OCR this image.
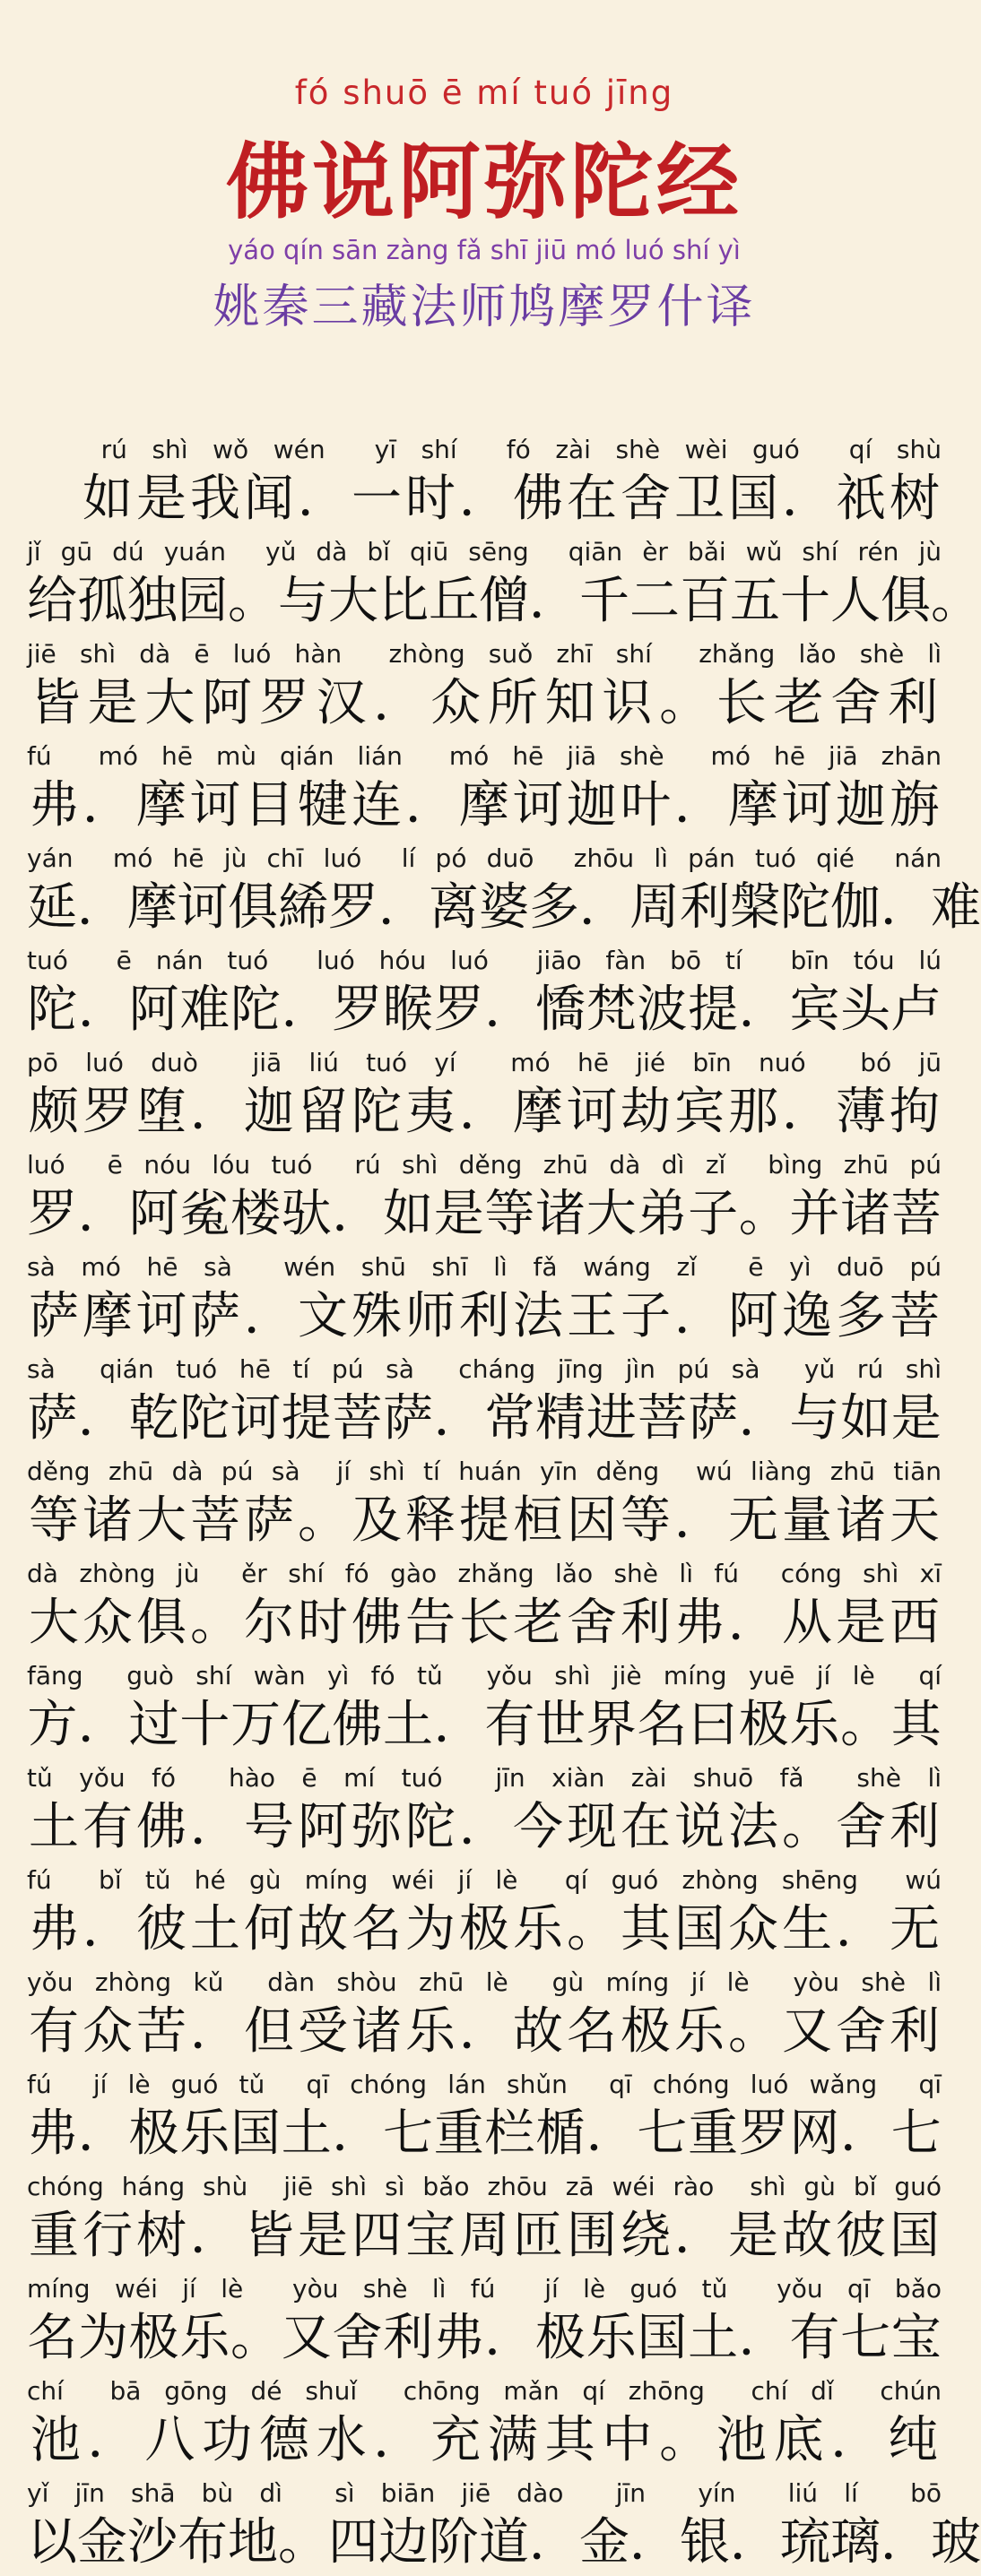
fó shuō ē mí tuó jīng
佛说阿弥陀经
yáo qín sān zàng fǎ shī jiū mó luó shí yì
姚秦三藏法师鸠摩罗什译
rú shì wǒ wén  yī shí  fó zài shè wèi guó  qí shù
如 是 我 闻 ． 一 时 ． 佛 在 舍 卫 国 ． 祇 树
jǐ gū dú yuán  yǔ dà bǐ qiū sēng  qiān èr bǎi wǔ shí rén jù
给 孤 独 园 。 与 大 比 丘 僧 ． 千 二 百 五 十 人 俱 。
jiē shì dà ē luó hàn  zhòng suǒ zhī shí  zhǎng lǎo shè lì
皆 是 大 阿 罗 汉 ． 众 所 知 识 。 长 老 舍 利
fú  mó hē mù qián lián  mó hē jiā shè  mó hē jiā zhān
弗 ． 摩 诃 目 犍 连 ． 摩 诃 迦 叶 ． 摩 诃 迦 旃
yán  mó hē jù chī luó  lí pó duō  zhōu lì pán tuó qié  nán
延 ． 摩 诃 俱 絺 罗 ． 离 婆 多 ． 周 利 槃 陀 伽 ． 难
tuó  ē nán tuó  luó hóu luó  jiāo fàn bō tí  bīn tóu lú
陀 ． 阿 难 陀 ． 罗 睺 罗 ． 憍 梵 波 提 ． 宾 头 卢
pō luó duò  jiā liú tuó yí  mó hē jié bīn nuó  bó jū
颇 罗 堕 ． 迦 留 陀 夷 ． 摩 诃 劫 宾 那 ． 薄 拘
luó  ē nóu lóu tuó  rú shì děng zhū dà dì zǐ  bìng zhū pú
罗 ． 阿 㝹 楼 驮 ． 如 是 等 诸 大 弟 子 。 并 诸 菩
sà mó hē sà  wén shū shī lì fǎ wáng zǐ  ē yì duō pú
萨 摩 诃 萨 ． 文 殊 师 利 法 王 子 ． 阿 逸 多 菩
sà  qián tuó hē tí pú sà  cháng jīng jìn pú sà  yǔ rú shì
萨 ． 乾 陀 诃 提 菩 萨 ． 常 精 进 菩 萨 ． 与 如 是
děng zhū dà pú sà  jí shì tí huán yīn děng  wú liàng zhū tiān
等 诸 大 菩 萨 。 及 释 提 桓 因 等 ． 无 量 诸 天
dà zhòng jù  ěr shí fó gào zhǎng lǎo shè lì fú  cóng shì xī
大 众 俱 。 尔 时 佛 告 长 老 舍 利 弗 ． 从 是 西
fāng  guò shí wàn yì fó tǔ  yǒu shì jiè míng yuē jí lè  qí
方 ． 过 十 万 亿 佛 土 ． 有 世 界 名 曰 极 乐 。 其
tǔ yǒu fó  hào ē mí tuó  jīn xiàn zài shuō fǎ  shè lì
土 有 佛 ． 号 阿 弥 陀 ． 今 现 在 说 法 。 舍 利
fú  bǐ tǔ hé gù míng wéi jí lè  qí guó zhòng shēng  wú
弗 ． 彼 土 何 故 名 为 极 乐 。 其 国 众 生 ． 无
yǒu zhòng kǔ  dàn shòu zhū lè  gù míng jí lè  yòu shè lì
有 众 苦 ． 但 受 诸 乐 ． 故 名 极 乐 。 又 舍 利
fú  jí lè guó tǔ  qī chóng lán shǔn  qī chóng luó wǎng  qī
弗 ． 极 乐 国 土 ． 七 重 栏 楯 ． 七 重 罗 网 ． 七
chóng háng shù  jiē shì sì bǎo zhōu zā wéi rào  shì gù bǐ guó
重 行 树 ． 皆 是 四 宝 周 匝 围 绕 ． 是 故 彼 国
míng wéi jí lè  yòu shè lì fú  jí lè guó tǔ  yǒu qī bǎo
名 为 极 乐 。 又 舍 利 弗 ． 极 乐 国 土 ． 有 七 宝
chí  bā gōng dé shuǐ  chōng mǎn qí zhōng  chí dǐ  chún
池 ． 八 功 德 水 ． 充 满 其 中 。 池 底 ． 纯
yǐ jīn shā bù dì  sì biān jiē dào  jīn  yín  liú lí  bō
以 金 沙 布 地 。 四 边 阶 道 ． 金 ． 银 ． 琉 璃 ． 玻
